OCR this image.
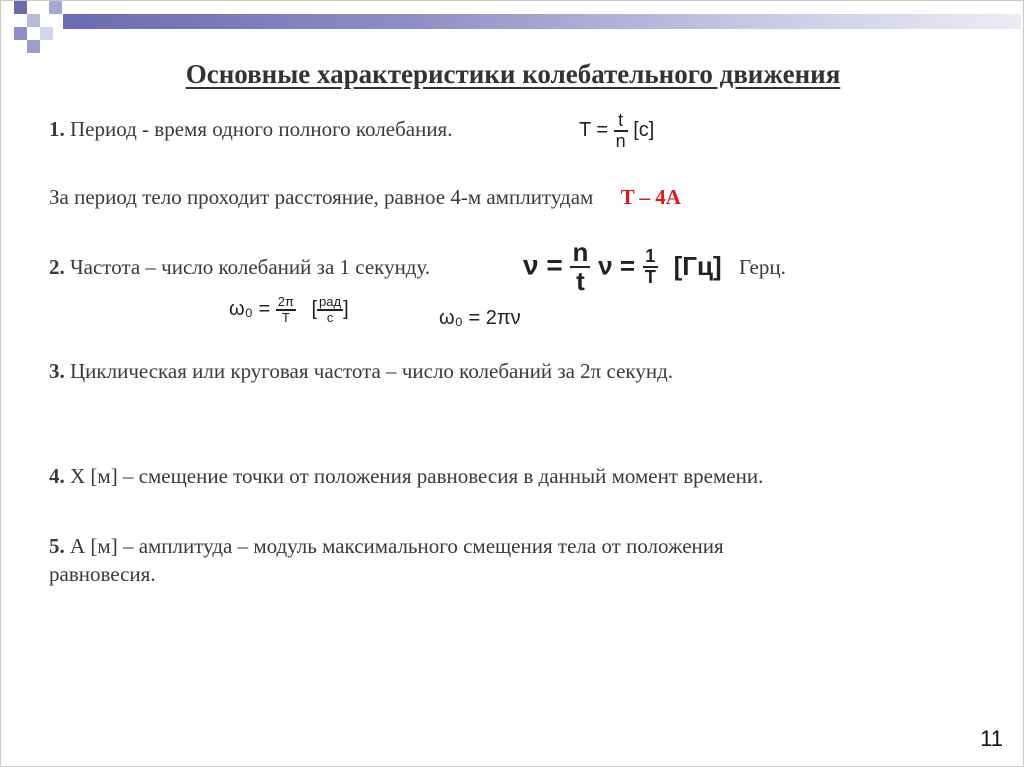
Основные характеристики колебательного движения
1. Период - время одного полного колебания.	$T = \frac{t}{n} [с]$
За период тело проходит расстояние, равное 4-м амплитудам T – 4A
2. Частота – число колебаний за 1 секунду.	$\nu = \frac{n}{t}$ $\nu = \frac{1}{T} [Гц]$ Герц.
$\omega_0 = \frac{2\pi}{T}$ [ $\frac{\text{рад}}{с}$ ]	ω₀ = 2πν
3. Циклическая или круговая частота – число колебаний за 2π секунд.
4. X [м] – смещение точки от положения равновесия в данный момент времени.
5. А [м] – амплитуда – модуль максимального смещения тела от положения
равновесия.
11
